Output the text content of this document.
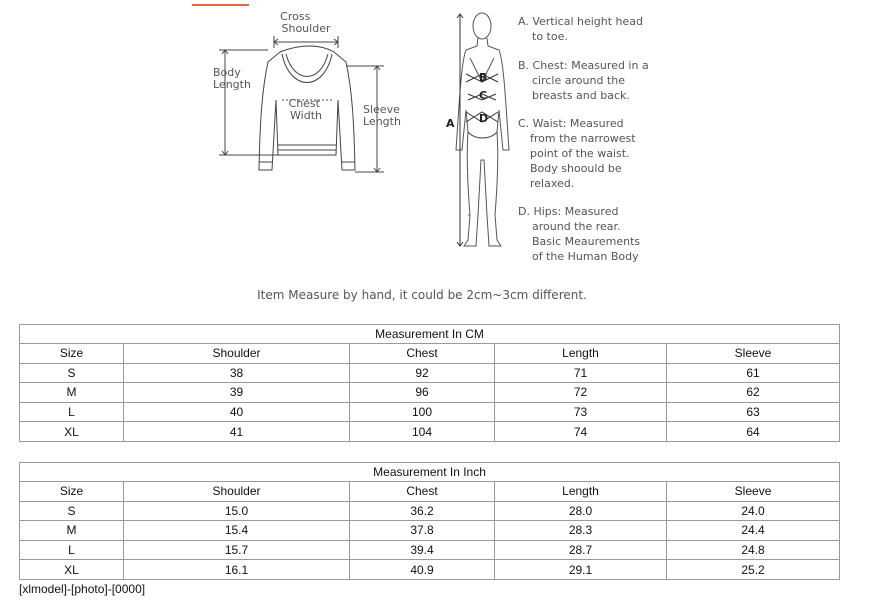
Cross Shoulder
Body Length
Chest Width	Sleeve Length	A
B
C
D
A. Vertical height head to toe.
B. Chest: Measured in a circle around the breasts and back.
C. Waist: Measured from the narrowest point of the waist. Body shoould be relaxed.
D. Hips: Measured around the rear. Basic Meaurements of the Human Body
Item Measure by hand, it could be 2cm~3cm different.
Measurement In CM				
Size	Shoulder	Chest	Length	Sleeve
S	38	92	71	61
M	39	96	72	62
L	40	100	73	63
XL	41	104	74	64
Measurement In Inch				
Size	Shoulder	Chest	Length	Sleeve
S	15.0	36.2	28.0	24.0
M	15.4	37.8	28.3	24.4
L	15.7	39.4	28.7	24.8
XL	16.1	40.9	29.1	25.2
[xlmodel]-[photo]-[0000]
